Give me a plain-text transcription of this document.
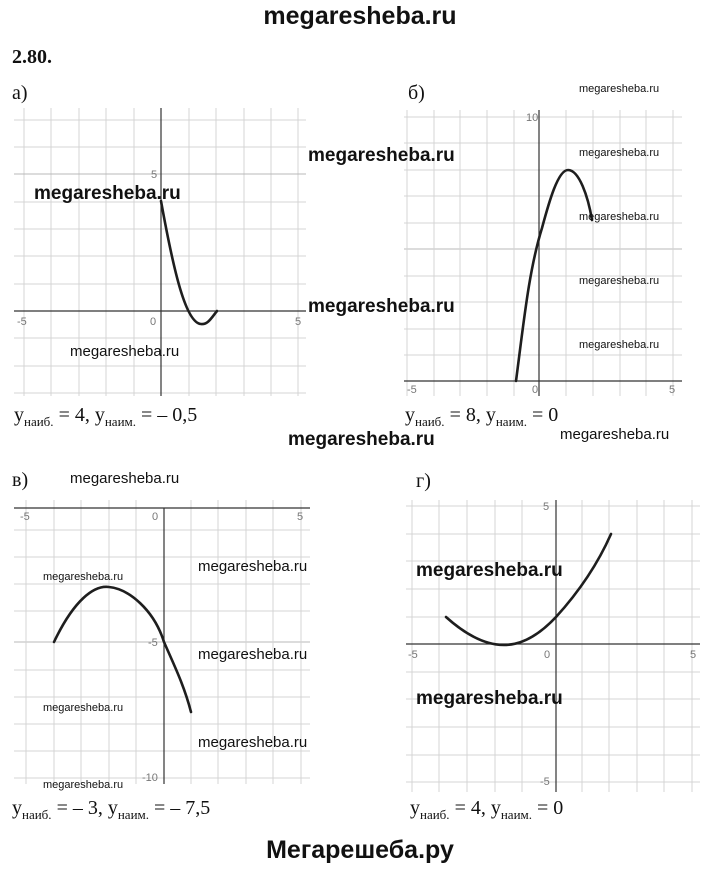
megaresheba.ru
2.80.
а)
-5	0	5
5
$y_{наиб.} = 4$, $y_{наим.}$ = – 0,5
б)
-5	0	5
10
$y_{наиб.} = 8$, $y_{наим.} = 0$
в)
-5	0	5
-5
-10
$y_{наиб.}$ = – 3, $y_{наим.}$ = – 7,5
г)
-5	0	5
5
-5
$y_{наиб.} = 4$, $y_{наим.} = 0$
megaresheba.ru
megaresheba.ru
megaresheba.ru
megaresheba.ru
megaresheba.ru
megaresheba.ru
megaresheba.ru
megaresheba.ru
megaresheba.ru
megaresheba.ru	megaresheba.ru
megaresheba.ru
megaresheba.ru
megaresheba.ru
megaresheba.ru
megaresheba.ru
megaresheba.ru
megaresheba.ru
megaresheba.ru
megaresheba.ru
Мегарешеба.ру
